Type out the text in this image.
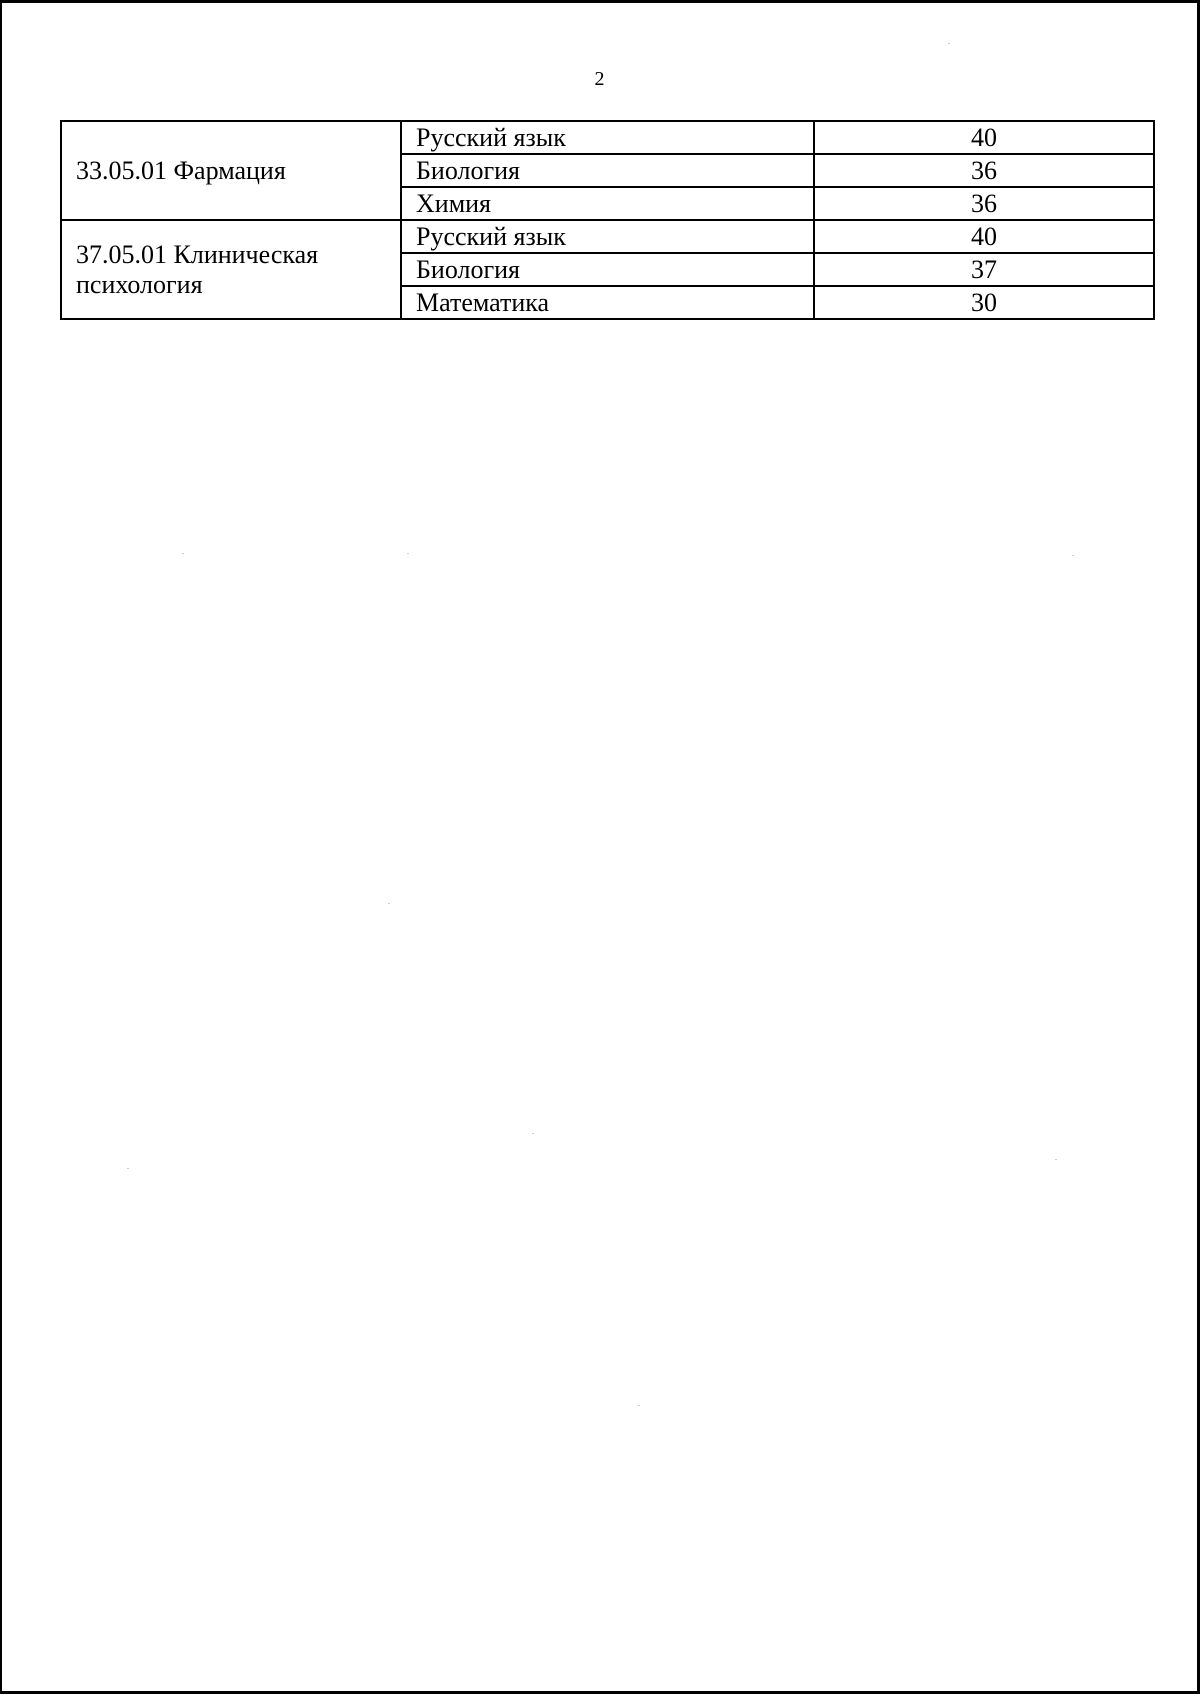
2
33.05.01 Фармация	Русский язык	40
	Биология	36
	Химия	36
37.05.01 Клиническая психология	Русский язык	40
	Биология	37
	Математика	30
